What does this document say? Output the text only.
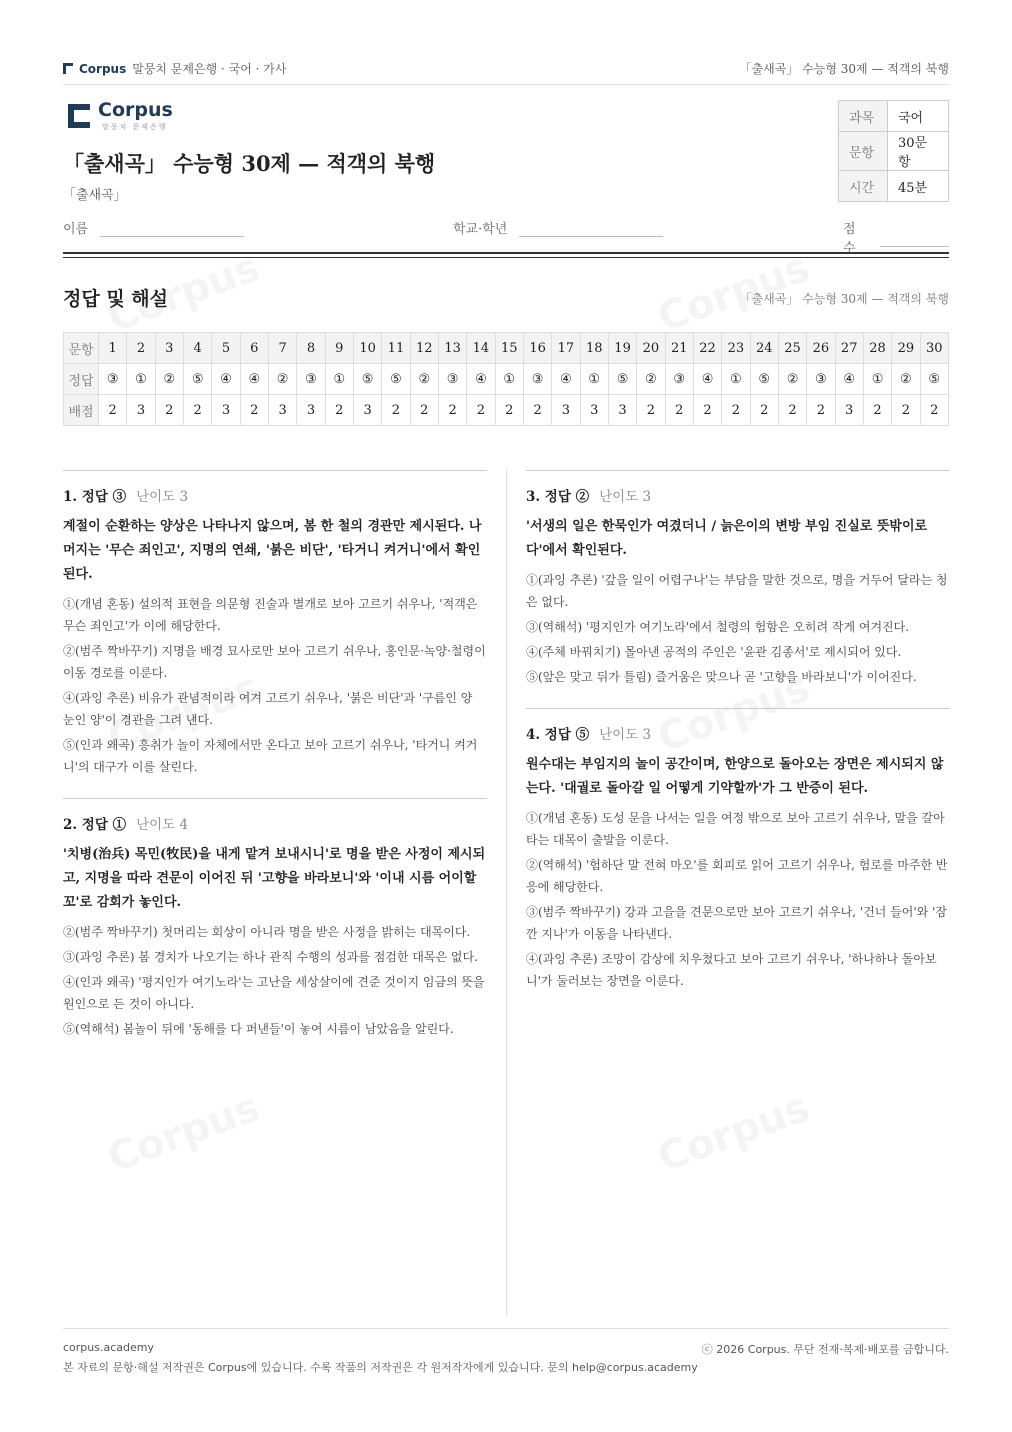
Corpus 말뭉치 문제은행 · 국어 · 가사	「출새곡」 수능형 30제 — 적객의 북행
Corpus
말뭉치 문제은행
과목	국어
문항	30문항
시간	45분
「출새곡」 수능형 30제 — 적객의 북행
「출새곡」
이름	학교·학년	점수
정답 및 해설	「출새곡」 수능형 30제 — 적객의 북행
문항	1	2	3	4	5	6	7	8	9	10	11	12	13	14	15	16	17	18	19	20	21	22	23	24	25	26	27	28	29	30
정답	③	①	②	⑤	④	④	②	③	①	⑤	⑤	②	③	④	①	③	④	①	⑤	②	③	④	①	⑤	②	③	④	①	②	⑤
배점	2	3	2	2	3	2	3	3	2	3	2	2	2	2	2	2	3	3	3	2	2	2	2	2	2	2	3	2	2	2
1. 정답 ③ 난이도 3
계절이 순환하는 양상은 나타나지 않으며, 봄 한 철의 경관만 제시된다. 나머지는 '무슨 죄인고', 지명의 연쇄, '붉은 비단', '타거니 켜거니'에서 확인된다.
①(개념 혼동) 설의적 표현을 의문형 진술과 별개로 보아 고르기 쉬우나, '적객은 무슨 죄인고'가 이에 해당한다.
②(범주 짝바꾸기) 지명을 배경 묘사로만 보아 고르기 쉬우나, 홍인문·녹양·철령이 이동 경로를 이룬다.
④(과잉 추론) 비유가 관념적이라 여겨 고르기 쉬우나, '붉은 비단'과 '구름인 양 눈인 양'이 경관을 그려 낸다.
⑤(인과 왜곡) 흥취가 놀이 자체에서만 온다고 보아 고르기 쉬우나, '타거니 켜거니'의 대구가 이를 살린다.
2. 정답 ① 난이도 4
'치병(治兵) 목민(牧民)을 내게 맡겨 보내시니'로 명을 받은 사정이 제시되고, 지명을 따라 견문이 이어진 뒤 '고향을 바라보니'와 '이내 시름 어이할꼬'로 감회가 놓인다.
②(범주 짝바꾸기) 첫머리는 회상이 아니라 명을 받은 사정을 밝히는 대목이다.
③(과잉 추론) 봄 경치가 나오기는 하나 관직 수행의 성과를 점검한 대목은 없다.
④(인과 왜곡) '평지인가 여기노라'는 고난을 세상살이에 견준 것이지 임금의 뜻을 원인으로 든 것이 아니다.
⑤(역해석) 봄놀이 뒤에 '동해를 다 퍼낸들'이 놓여 시름이 남았음을 알린다.
3. 정답 ② 난이도 3
'서생의 일은 한묵인가 여겼더니 / 늙은이의 변방 부임 진실로 뜻밖이로다'에서 확인된다.
①(과잉 추론) '갚을 일이 어렵구나'는 부담을 말한 것으로, 명을 거두어 달라는 청은 없다.
③(역해석) '평지인가 여기노라'에서 철령의 험함은 오히려 작게 여겨진다.
④(주체 바꿔치기) 몰아낸 공적의 주인은 '윤관 김종서'로 제시되어 있다.
⑤(앞은 맞고 뒤가 틀림) 즐거움은 맞으나 곧 '고향을 바라보니'가 이어진다.
4. 정답 ⑤ 난이도 3
원수대는 부임지의 놀이 공간이며, 한양으로 돌아오는 장면은 제시되지 않는다. '대궐로 돌아갈 일 어떻게 기약할까'가 그 반증이 된다.
①(개념 혼동) 도성 문을 나서는 일을 여정 밖으로 보아 고르기 쉬우나, 말을 갈아타는 대목이 출발을 이룬다.
②(역해석) '험하단 말 전혀 마오'를 회피로 읽어 고르기 쉬우나, 험로를 마주한 반응에 해당한다.
③(범주 짝바꾸기) 강과 고을을 견문으로만 보아 고르기 쉬우나, '건너 들어'와 '잠깐 지나'가 이동을 나타낸다.
④(과잉 추론) 조망이 감상에 치우쳤다고 보아 고르기 쉬우나, '하나하나 돌아보니'가 둘러보는 장면을 이룬다.
corpus.academy	ⓒ 2026 Corpus. 무단 전재·복제·배포를 금합니다.
본 자료의 문항·해설 저작권은 Corpus에 있습니다. 수록 작품의 저작권은 각 원저작자에게 있습니다. 문의 help@corpus.academy
